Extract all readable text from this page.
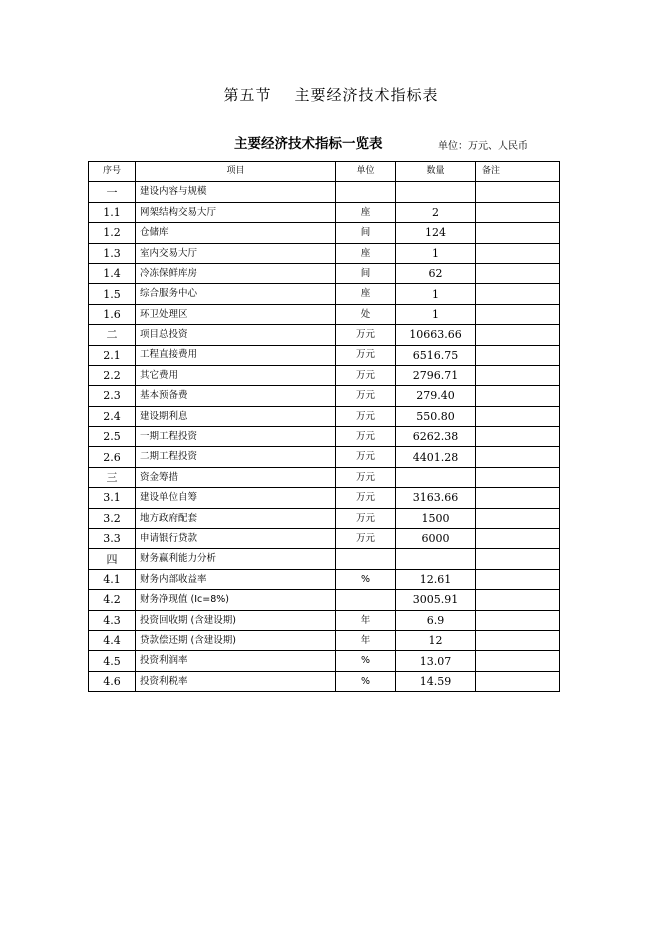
第五节    主要经济技术指标表
主要经济技术指标一览表	单位：万元、人民币
序号	项目	单位	数量	备注
一	建设内容与规模			
1.1	网架结构交易大厅	座	2	
1.2	仓储库	间	124	
1.3	室内交易大厅	座	1	
1.4	冷冻保鲜库房	间	62	
1.5	综合服务中心	座	1	
1.6	环卫处理区	处	1	
二	项目总投资	万元	10663.66	
2.1	工程直接费用	万元	6516.75	
2.2	其它费用	万元	2796.71	
2.3	基本预备费	万元	279.40	
2.4	建设期利息	万元	550.80	
2.5	一期工程投资	万元	6262.38	
2.6	二期工程投资	万元	4401.28	
三	资金筹措	万元		
3.1	建设单位自筹	万元	3163.66	
3.2	地方政府配套	万元	1500	
3.3	申请银行贷款	万元	6000	
四	财务赢利能力分析			
4.1	财务内部收益率	%	12.61	
4.2	财务净现值 (Ic=8%)		3005.91	
4.3	投资回收期 (含建设期)	年	6.9	
4.4	贷款偿还期 (含建设期)	年	12	
4.5	投资利润率	%	13.07	
4.6	投资利税率	%	14.59	
